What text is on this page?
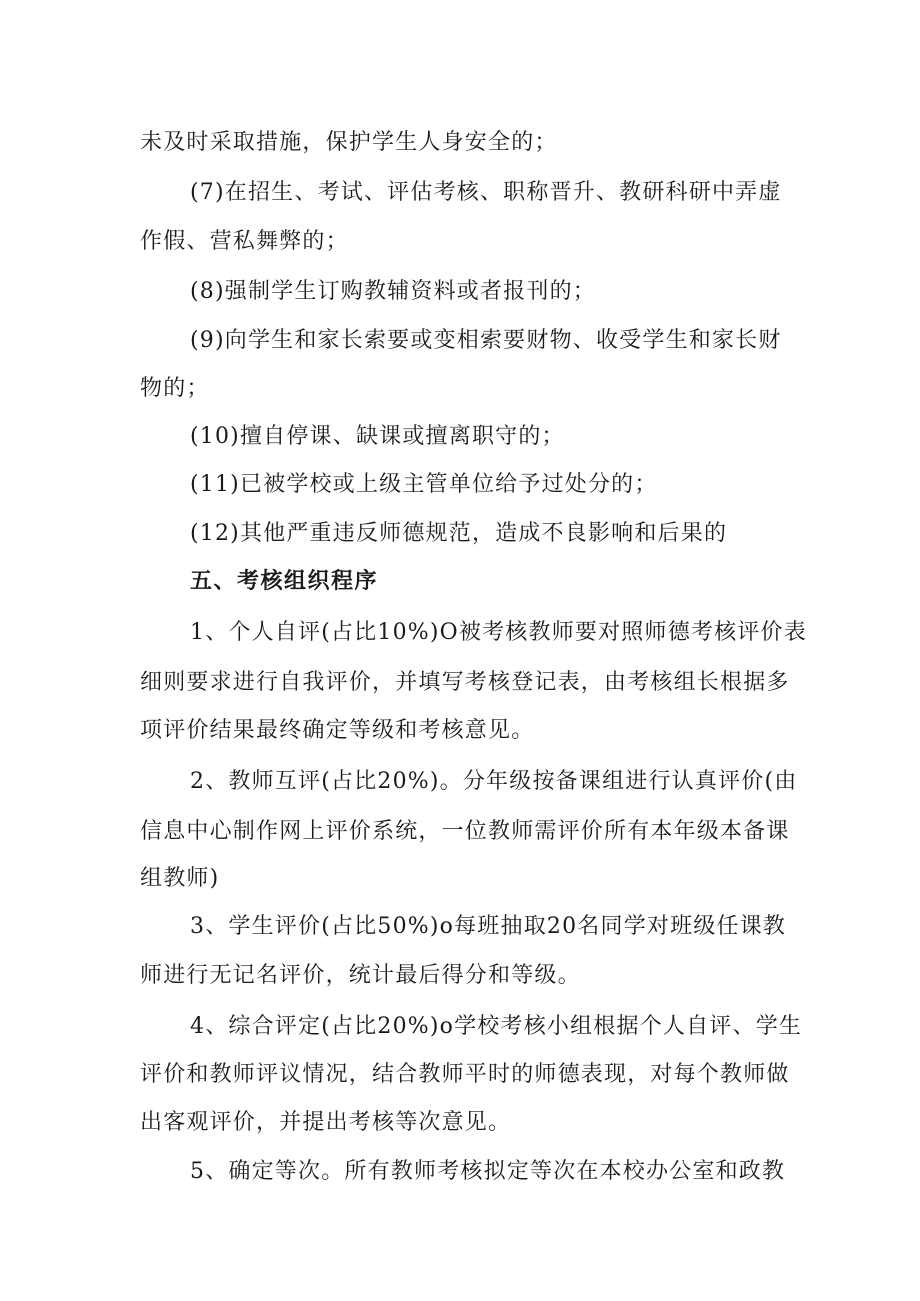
未及时采取措施，保护学生人身安全的；
(7)在招生、考试、评估考核、职称晋升、教研科研中弄虚
作假、营私舞弊的；
(8)强制学生订购教辅资料或者报刊的；
(9)向学生和家长索要或变相索要财物、收受学生和家长财
物的；
(10)擅自停课、缺课或擅离职守的；
(11)已被学校或上级主管单位给予过处分的；
(12)其他严重违反师德规范，造成不良影响和后果的
五、考核组织程序
1、个人自评(占比10%)O被考核教师要对照师德考核评价表
细则要求进行自我评价，并填写考核登记表，由考核组长根据多
项评价结果最终确定等级和考核意见。
2、教师互评(占比20%)。分年级按备课组进行认真评价(由
信息中心制作网上评价系统，一位教师需评价所有本年级本备课
组教师)
3、学生评价(占比50%)o每班抽取20名同学对班级任课教
师进行无记名评价，统计最后得分和等级。
4、综合评定(占比20%)o学校考核小组根据个人自评、学生
评价和教师评议情况，结合教师平时的师德表现，对每个教师做
出客观评价，并提出考核等次意见。
5、确定等次。所有教师考核拟定等次在本校办公室和政教
